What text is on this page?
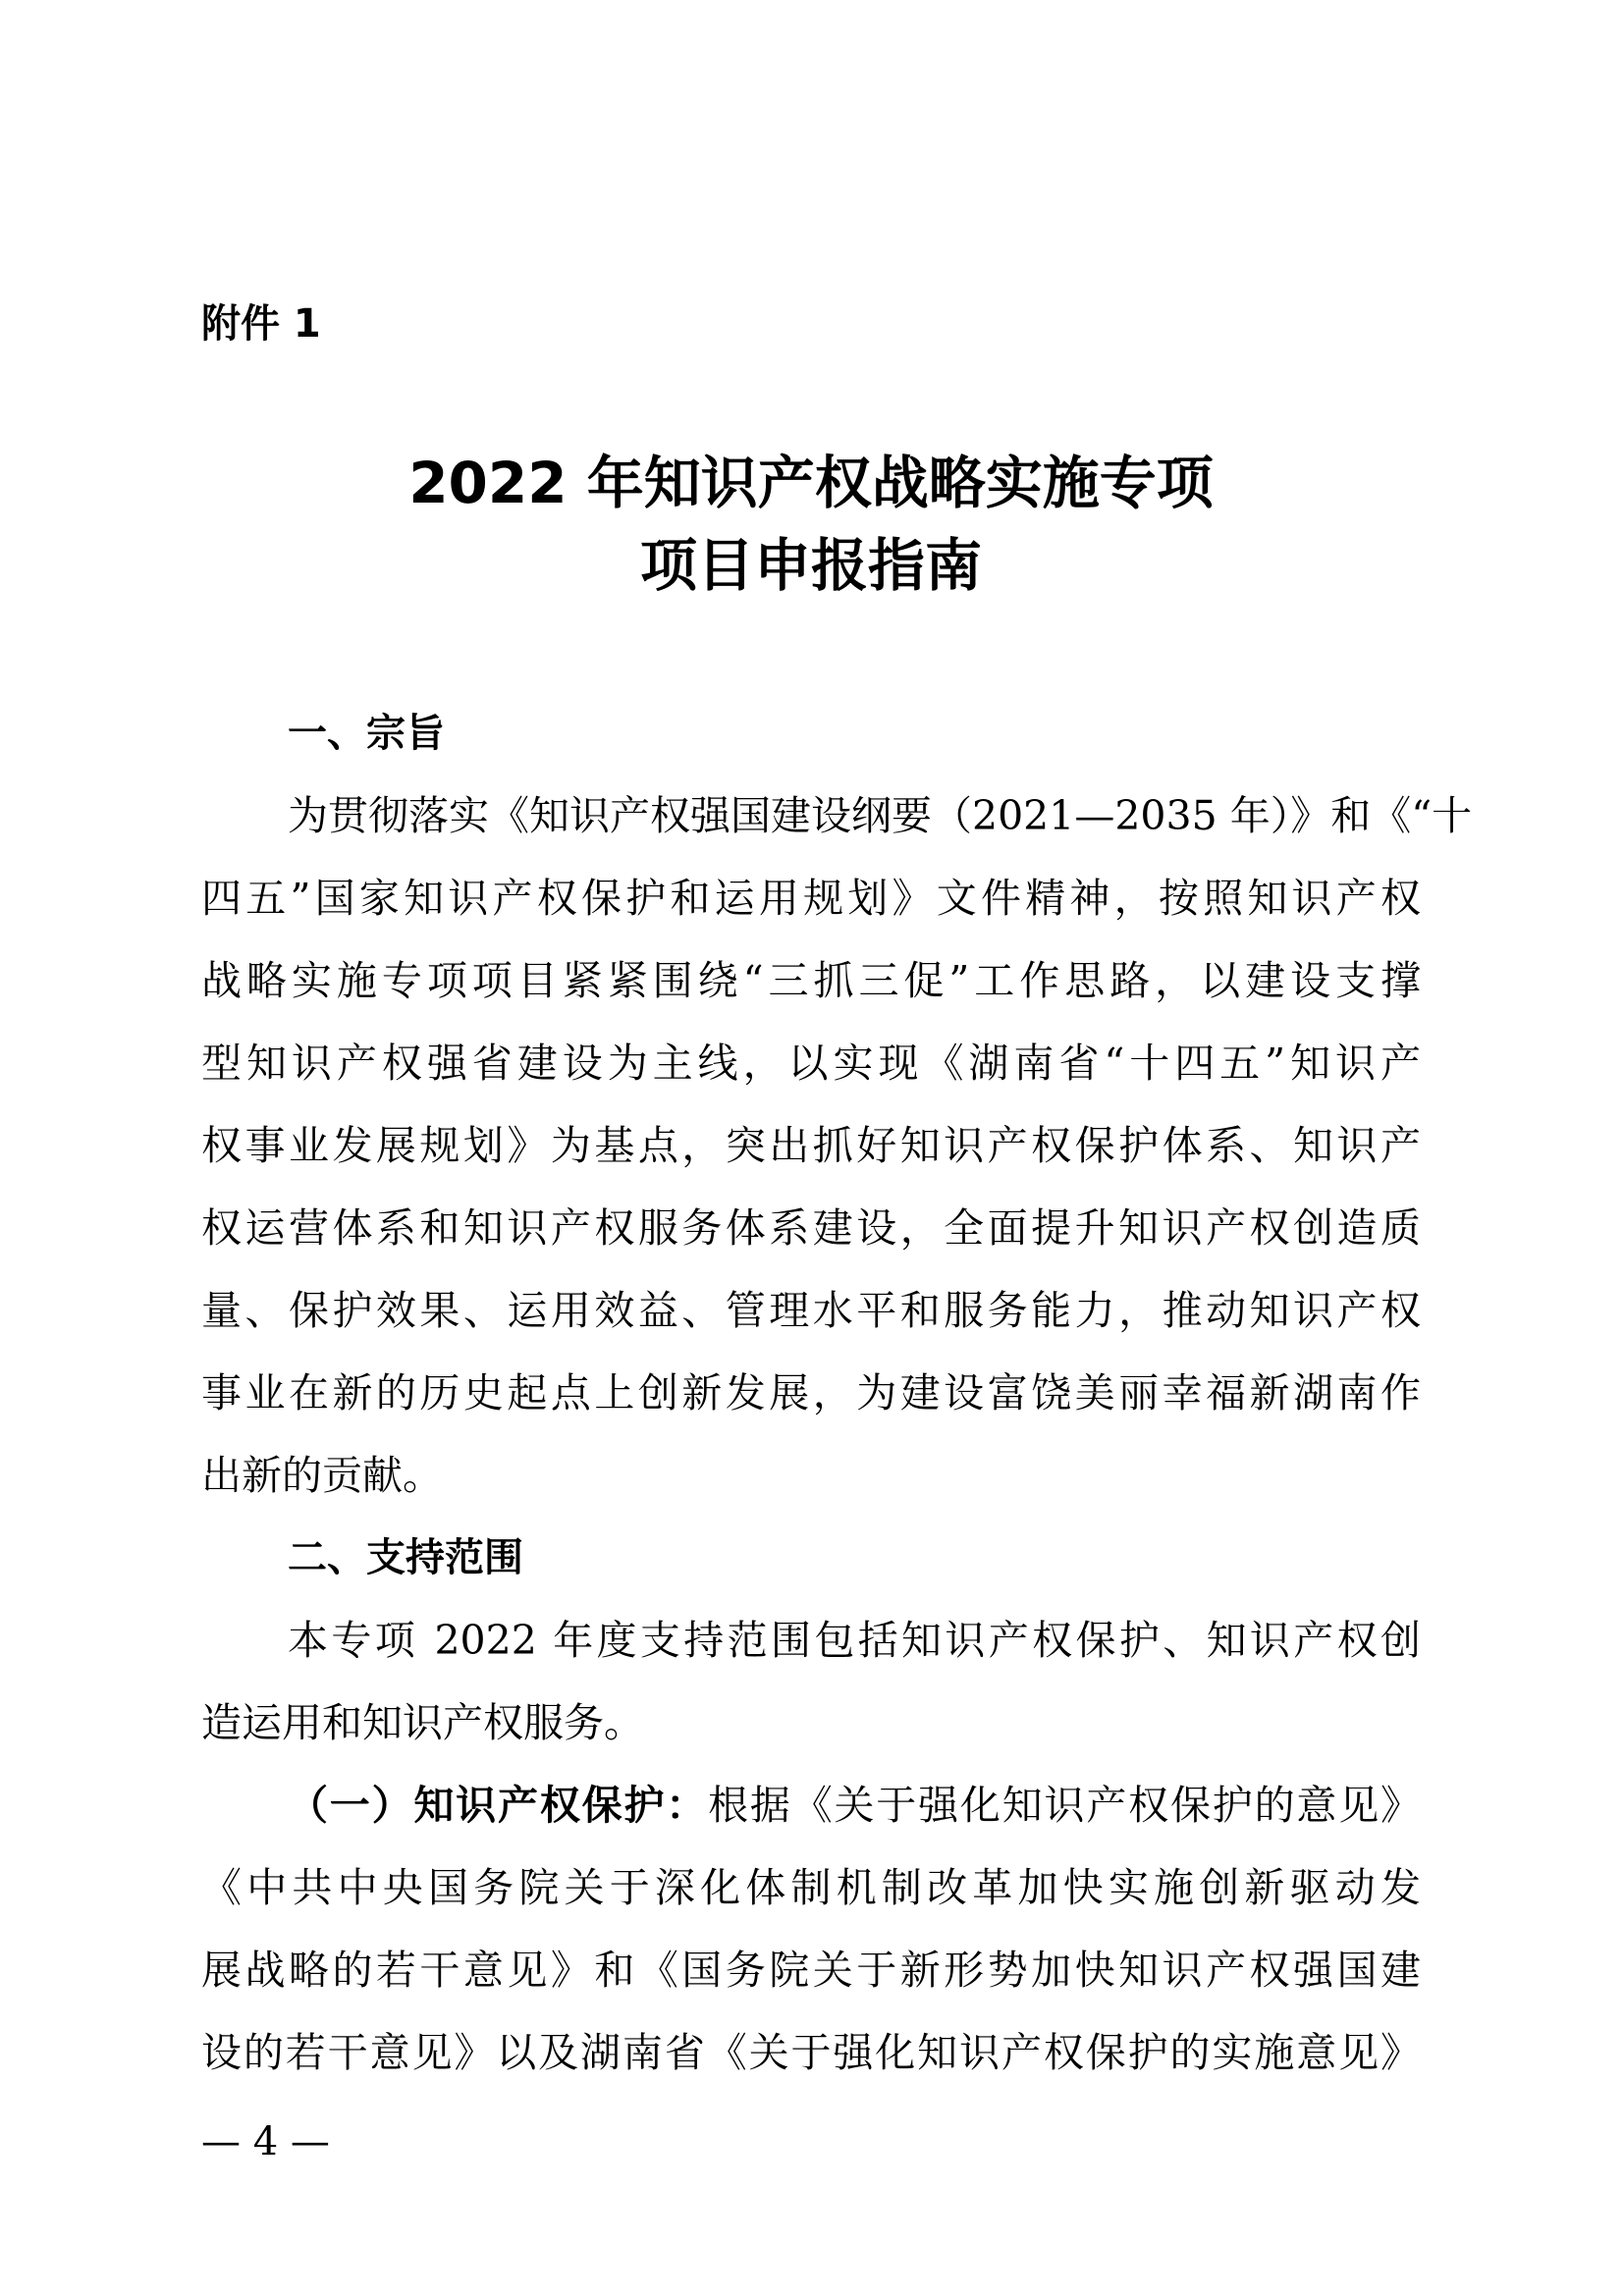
附件 1
2022 年知识产权战略实施专项
项目申报指南
一、宗旨

为贯彻落实《知识产权强国建设纲要（2021—2035 年）》和《“十
四五”国家知识产权保护和运用规划》文件精神，按照知识产权
战略实施专项项目紧紧围绕“三抓三促”工作思路，以建设支撑
型知识产权强省建设为主线，以实现《湖南省“十四五”知识产
权事业发展规划》为基点，突出抓好知识产权保护体系、知识产
权运营体系和知识产权服务体系建设，全面提升知识产权创造质
量、保护效果、运用效益、管理水平和服务能力，推动知识产权
事业在新的历史起点上创新发展，为建设富饶美丽幸福新湖南作
出新的贡献。

二、支持范围

本专项 2022 年度支持范围包括知识产权保护、知识产权创
造运用和知识产权服务。

（一）知识产权保护：根据《关于强化知识产权保护的意见》
《中共中央国务院关于深化体制机制改革加快实施创新驱动发
展战略的若干意见》和《国务院关于新形势加快知识产权强国建
设的若干意见》以及湖南省《关于强化知识产权保护的实施意见》

— 4 —
